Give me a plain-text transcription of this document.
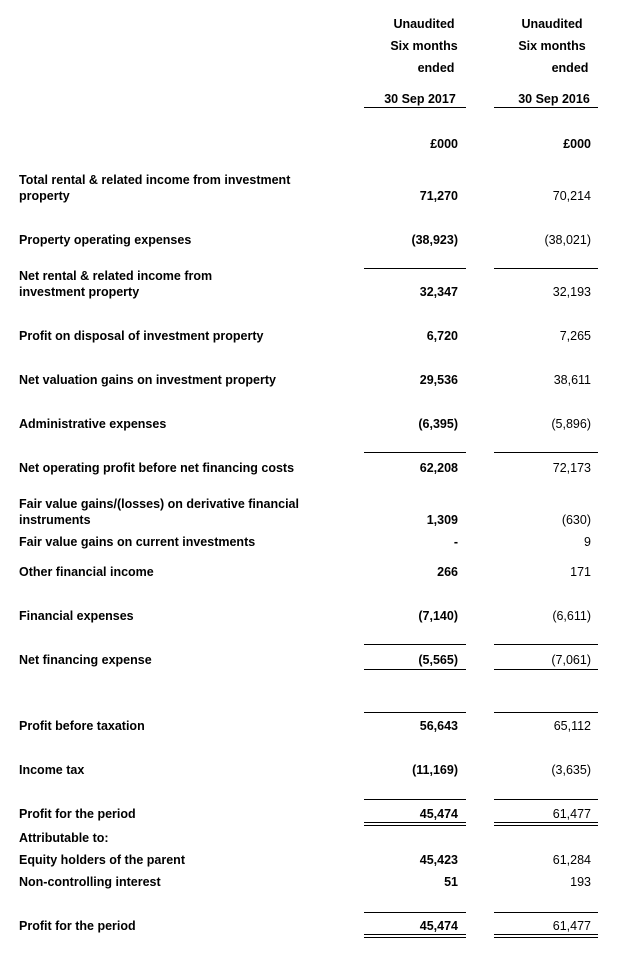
Unaudited
Six months
ended
30 Sep 2017
£000
Unaudited
Six months
ended
30 Sep 2016
£000
Total rental & related income from investment
property	71,270	70,214
Property operating expenses	(38,923)	(38,021)
Net rental & related income from
investment property	32,347	32,193
Profit on disposal of investment property	6,720	7,265
Net valuation gains on investment property	29,536	38,611
Administrative expenses	(6,395)	(5,896)
Net operating profit before net financing costs	62,208	72,173
Fair value gains/(losses) on derivative financial
instruments	1,309	(630)
Fair value gains on current investments	-	9
Other financial income	266	171
Financial expenses	(7,140)	(6,611)
Net financing expense	(5,565)	(7,061)
Profit before taxation	56,643	65,112
Income tax	(11,169)	(3,635)
Profit for the period	45,474	61,477
Attributable to:
Equity holders of the parent	45,423	61,284
Non-controlling interest	51	193
Profit for the period	45,474	61,477
